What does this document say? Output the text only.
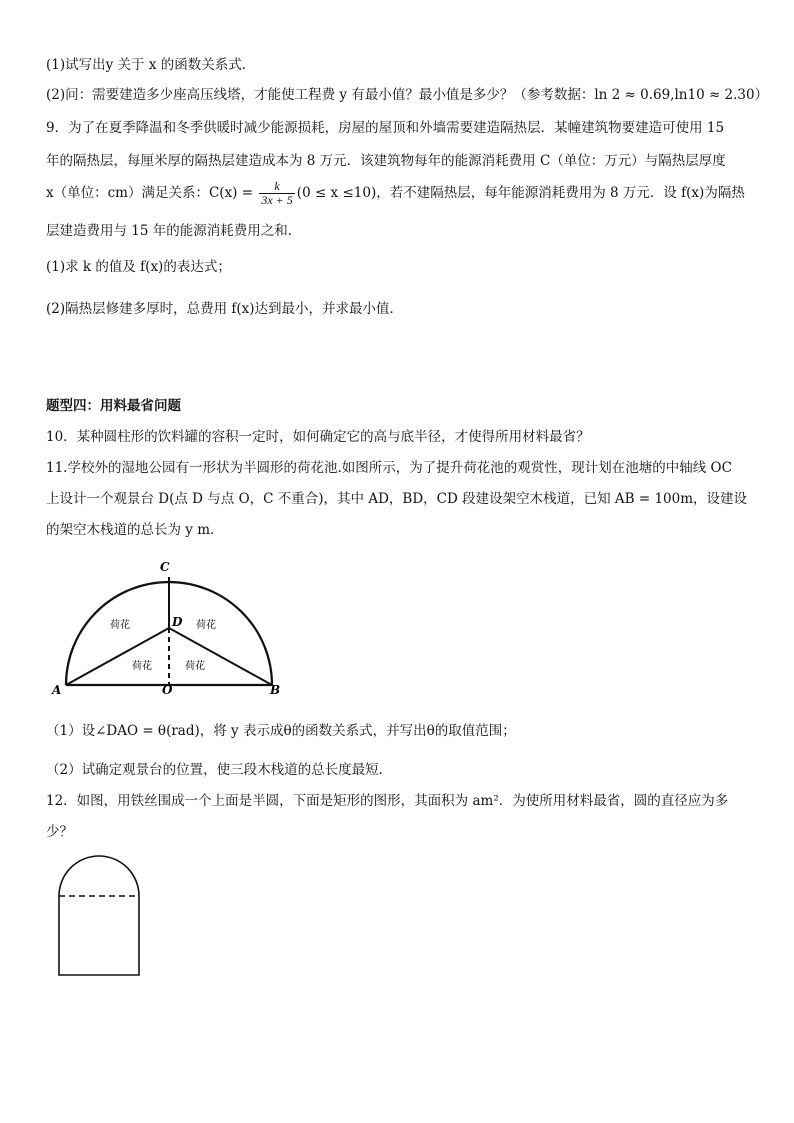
(1)试写出y 关于 x 的函数关系式．
(2)问：需要建造多少座高压线塔，才能使工程费 y 有最小值？最小值是多少？（参考数据：ln 2 ≈ 0.69,ln10 ≈ 2.30）
9．为了在夏季降温和冬季供暖时减少能源损耗，房屋的屋顶和外墙需要建造隔热层．某幢建筑物要建造可使用 15
年的隔热层，每厘米厚的隔热层建造成本为 8 万元．该建筑物每年的能源消耗费用 C（单位：万元）与隔热层厚度
x（单位：cm）满足关系：$C(x) = \frac{k}{3x + 5} (0 \le x \le 10)$，若不建隔热层，每年能源消耗费用为 8 万元．设 f(x)为隔热
层建造费用与 15 年的能源消耗费用之和．
(1)求 k 的值及 f(x)的表达式；
(2)隔热层修建多厚时，总费用 f(x)达到最小，并求最小值．
题型四：用料最省问题
10．某种圆柱形的饮料罐的容积一定时，如何确定它的高与底半径，才使得所用材料最省？
11.学校外的湿地公园有一形状为半圆形的荷花池.如图所示，为了提升荷花池的观赏性，现计划在池塘的中轴线 OC
上设计一个观景台 D(点 D 与点 O，C 不重合)，其中 AD，BD，CD 段建设架空木栈道，已知 AB = 100m，设建设
的架空木栈道的总长为 y m．
C
D
A	O	B
荷花	荷花
荷花	荷花
（1）设∠DAO = θ(rad)，将 y 表示成θ的函数关系式，并写出θ的取值范围；
（2）试确定观景台的位置，使三段木栈道的总长度最短．
12．如图，用铁丝围成一个上面是半圆，下面是矩形的图形，其面积为 am²．为使所用材料最省，圆的直径应为多
少？
